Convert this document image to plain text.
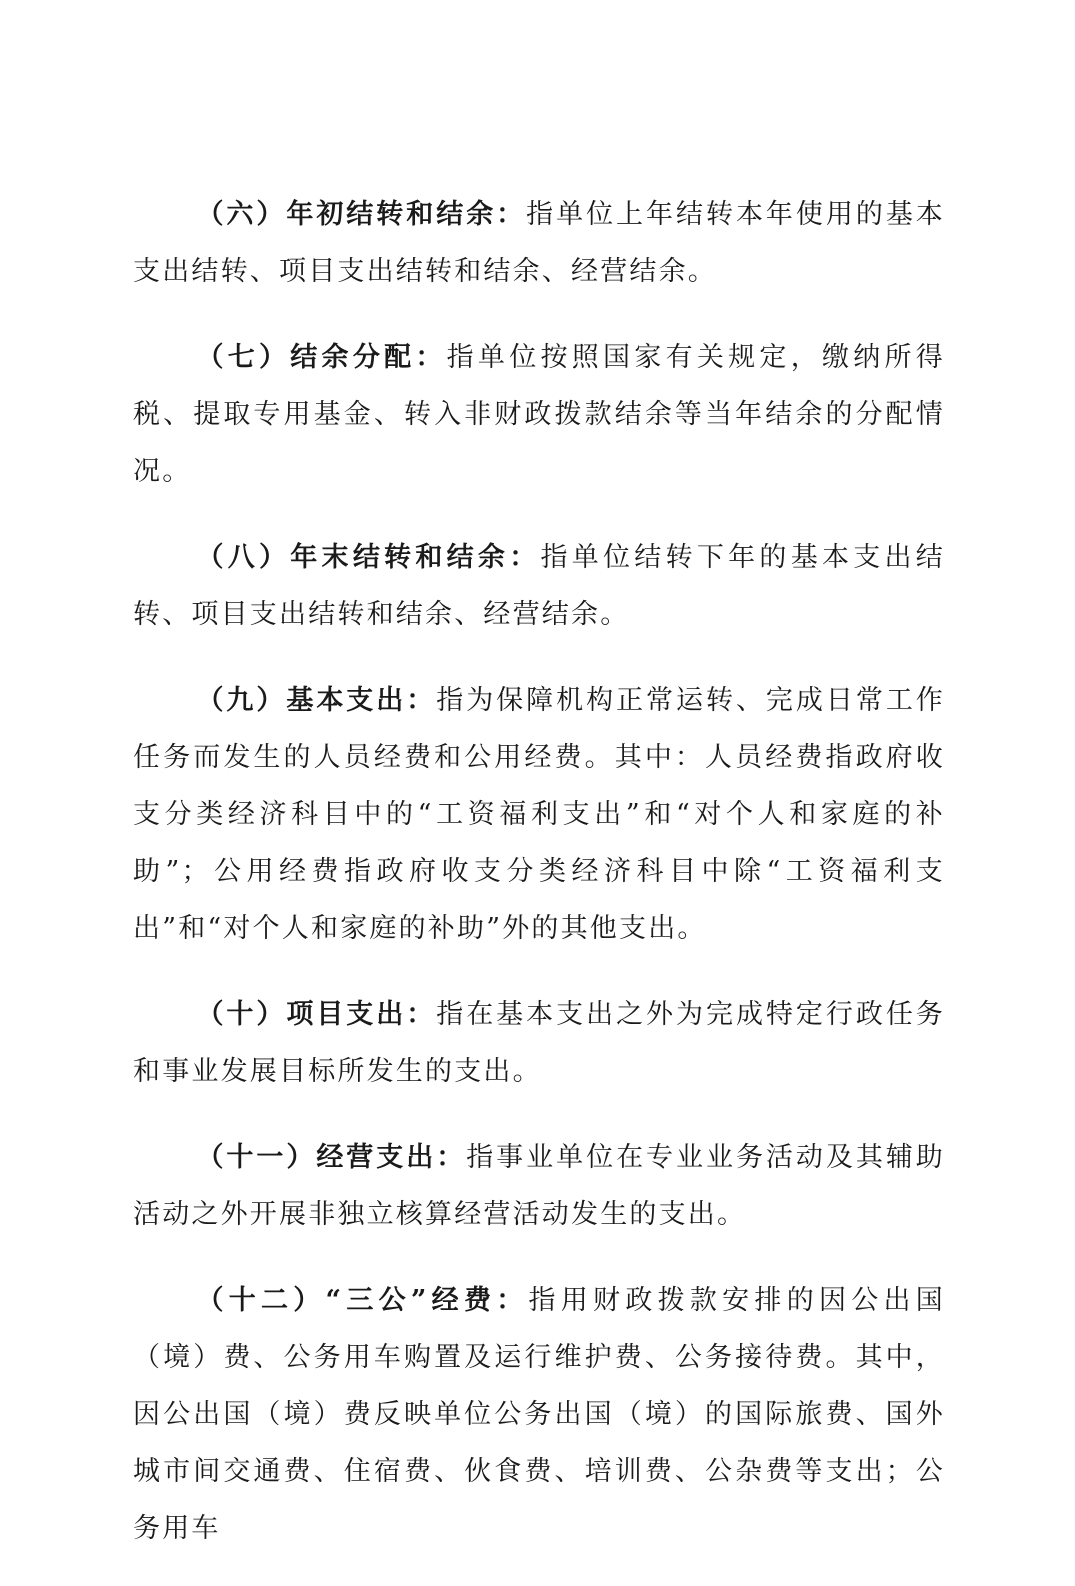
（六）年初结转和结余：指单位上年结转本年使用的基本支出结转、项目支出结转和结余、经营结余。

（七）结余分配：指单位按照国家有关规定，缴纳所得税、提取专用基金、转入非财政拨款结余等当年结余的分配情况。

（八）年末结转和结余：指单位结转下年的基本支出结转、项目支出结转和结余、经营结余。

（九）基本支出：指为保障机构正常运转、完成日常工作任务而发生的人员经费和公用经费。其中：人员经费指政府收支分类经济科目中的“工资福利支出”和“对个人和家庭的补助”；公用经费指政府收支分类经济科目中除“工资福利支出”和“对个人和家庭的补助”外的其他支出。

（十）项目支出：指在基本支出之外为完成特定行政任务和事业发展目标所发生的支出。

（十一）经营支出：指事业单位在专业业务活动及其辅助活动之外开展非独立核算经营活动发生的支出。

（十二）“三公”经费：指用财政拨款安排的因公出国（境）费、公务用车购置及运行维护费、公务接待费。其中，因公出国（境）费反映单位公务出国（境）的国际旅费、国外城市间交通费、住宿费、伙食费、培训费、公杂费等支出；公务用车
